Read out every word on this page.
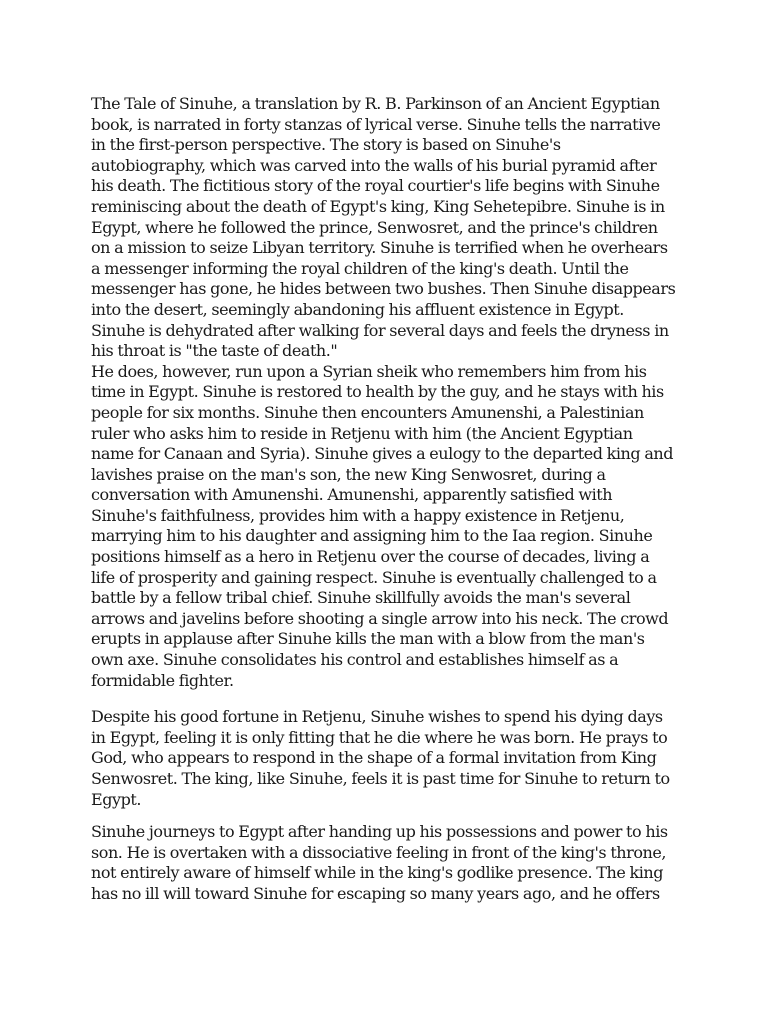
The Tale of Sinuhe, a translation by R. B. Parkinson of an Ancient Egyptian
book, is narrated in forty stanzas of lyrical verse. Sinuhe tells the narrative
in the first-person perspective. The story is based on Sinuhe's
autobiography, which was carved into the walls of his burial pyramid after
his death. The fictitious story of the royal courtier's life begins with Sinuhe
reminiscing about the death of Egypt's king, King Sehetepibre. Sinuhe is in
Egypt, where he followed the prince, Senwosret, and the prince's children
on a mission to seize Libyan territory. Sinuhe is terrified when he overhears
a messenger informing the royal children of the king's death. Until the
messenger has gone, he hides between two bushes. Then Sinuhe disappears
into the desert, seemingly abandoning his affluent existence in Egypt.
Sinuhe is dehydrated after walking for several days and feels the dryness in
his throat is "the taste of death."

He does, however, run upon a Syrian sheik who remembers him from his
time in Egypt. Sinuhe is restored to health by the guy, and he stays with his
people for six months. Sinuhe then encounters Amunenshi, a Palestinian
ruler who asks him to reside in Retjenu with him (the Ancient Egyptian
name for Canaan and Syria). Sinuhe gives a eulogy to the departed king and
lavishes praise on the man's son, the new King Senwosret, during a
conversation with Amunenshi. Amunenshi, apparently satisfied with
Sinuhe's faithfulness, provides him with a happy existence in Retjenu,
marrying him to his daughter and assigning him to the Iaa region. Sinuhe
positions himself as a hero in Retjenu over the course of decades, living a
life of prosperity and gaining respect. Sinuhe is eventually challenged to a
battle by a fellow tribal chief. Sinuhe skillfully avoids the man's several
arrows and javelins before shooting a single arrow into his neck. The crowd
erupts in applause after Sinuhe kills the man with a blow from the man's
own axe. Sinuhe consolidates his control and establishes himself as a
formidable fighter.

Despite his good fortune in Retjenu, Sinuhe wishes to spend his dying days
in Egypt, feeling it is only fitting that he die where he was born. He prays to
God, who appears to respond in the shape of a formal invitation from King
Senwosret. The king, like Sinuhe, feels it is past time for Sinuhe to return to
Egypt.

Sinuhe journeys to Egypt after handing up his possessions and power to his
son. He is overtaken with a dissociative feeling in front of the king's throne,
not entirely aware of himself while in the king's godlike presence. The king
has no ill will toward Sinuhe for escaping so many years ago, and he offers
